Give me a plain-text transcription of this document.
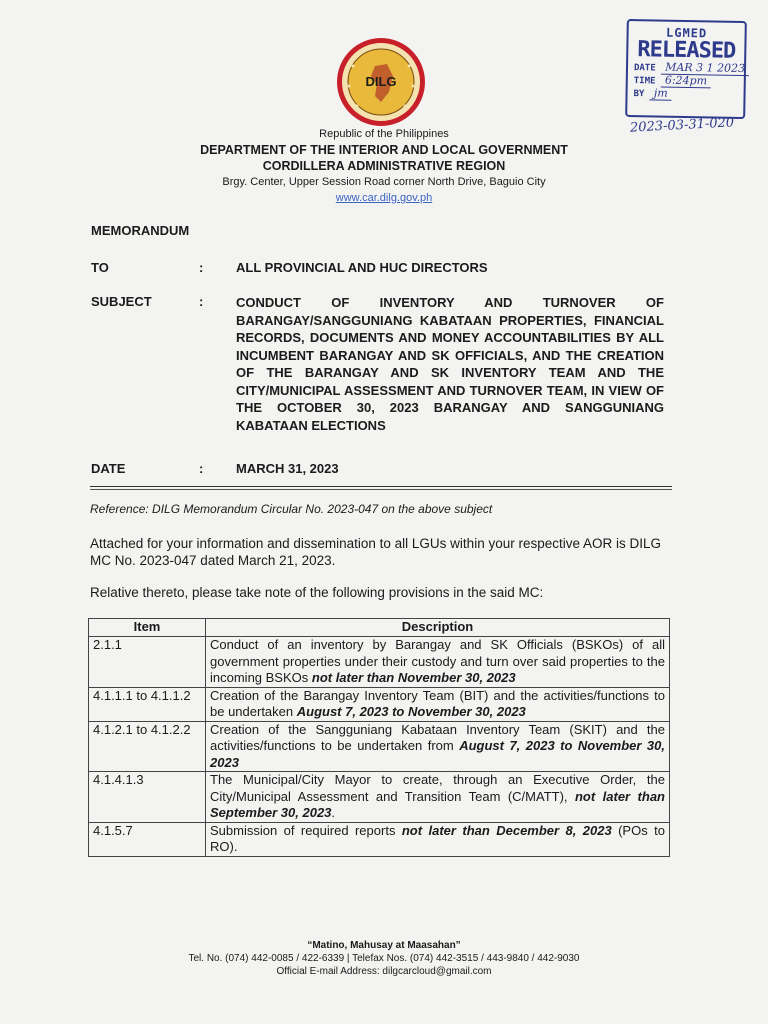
DILG
LGMED
RELEASED
DATE MAR 3 1 2023
TIME 6:24pm
BY jm
2023-03-31-020
Republic of the Philippines
DEPARTMENT OF THE INTERIOR AND LOCAL GOVERNMENT
CORDILLERA ADMINISTRATIVE REGION
Brgy. Center, Upper Session Road corner North Drive, Baguio City
www.car.dilg.gov.ph
MEMORANDUM
TO	:	ALL PROVINCIAL AND HUC DIRECTORS
SUBJECT	:	CONDUCT OF INVENTORY AND TURNOVER OF BARANGAY/SANGGUNIANG KABATAAN PROPERTIES, FINANCIAL RECORDS, DOCUMENTS AND MONEY ACCOUNTABILITIES BY ALL INCUMBENT BARANGAY AND SK OFFICIALS, AND THE CREATION OF THE BARANGAY AND SK INVENTORY TEAM AND THE CITY/MUNICIPAL ASSESSMENT AND TURNOVER TEAM, IN VIEW OF THE OCTOBER 30, 2023 BARANGAY AND SANGGUNIANG KABATAAN ELECTIONS
DATE	:	MARCH 31, 2023
Reference: DILG Memorandum Circular No. 2023-047 on the above subject
Attached for your information and dissemination to all LGUs within your respective AOR is DILG MC No. 2023-047 dated March 21, 2023.
Relative thereto, please take note of the following provisions in the said MC:
Item	Description
2.1.1	Conduct of an inventory by Barangay and SK Officials (BSKOs) of all government properties under their custody and turn over said properties to the incoming BSKOs not later than November 30, 2023
4.1.1.1 to 4.1.1.2	Creation of the Barangay Inventory Team (BIT) and the activities/functions to be undertaken August 7, 2023 to November 30, 2023
4.1.2.1 to 4.1.2.2	Creation of the Sangguniang Kabataan Inventory Team (SKIT) and the activities/functions to be undertaken from August 7, 2023 to November 30, 2023
4.1.4.1.3	The Municipal/City Mayor to create, through an Executive Order, the City/Municipal Assessment and Transition Team (C/MATT), not later than September 30, 2023.
4.1.5.7	Submission of required reports not later than December 8, 2023 (POs to RO).
“Matino, Mahusay at Maasahan”
Tel. No. (074) 442-0085 / 422-6339 | Telefax Nos. (074) 442-3515 / 443-9840 / 442-9030
Official E-mail Address: dilgcarcloud@gmail.com
